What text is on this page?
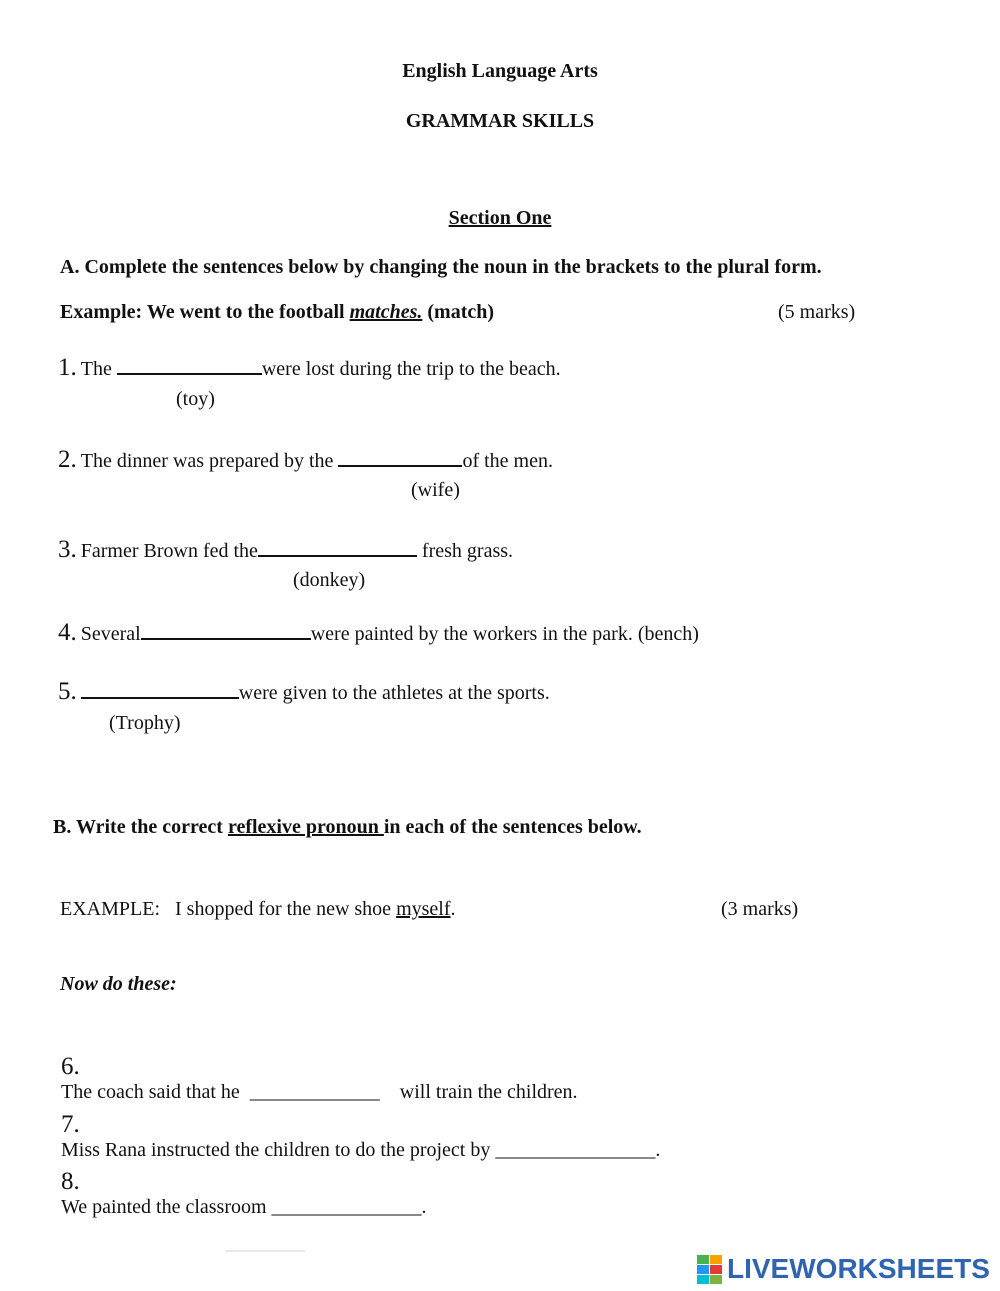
English Language Arts
GRAMMAR SKILLS
Section One
A. Complete the sentences below by changing the noun in the brackets to the plural form.
Example: We went to the football matches. (match)	(5 marks)
1. The	were lost during the trip to the beach.
(toy)
2. The dinner was prepared by the	of the men.
(wife)
3. Farmer Brown fed the	fresh grass.
(donkey)
4. Several	were painted by the workers in the park. (bench)
5.	were given to the athletes at the sports.
(Trophy)
B. Write the correct reflexive pronoun in each of the sentences below.
EXAMPLE:   I shopped for the new shoe myself.	(3 marks)
Now do these:

6.
The coach said that he  _____________    will train the children.

7.
Miss Rana instructed the children to do the project by ________________.

8.
We painted the classroom _______________.

LIVEWORKSHEETS
